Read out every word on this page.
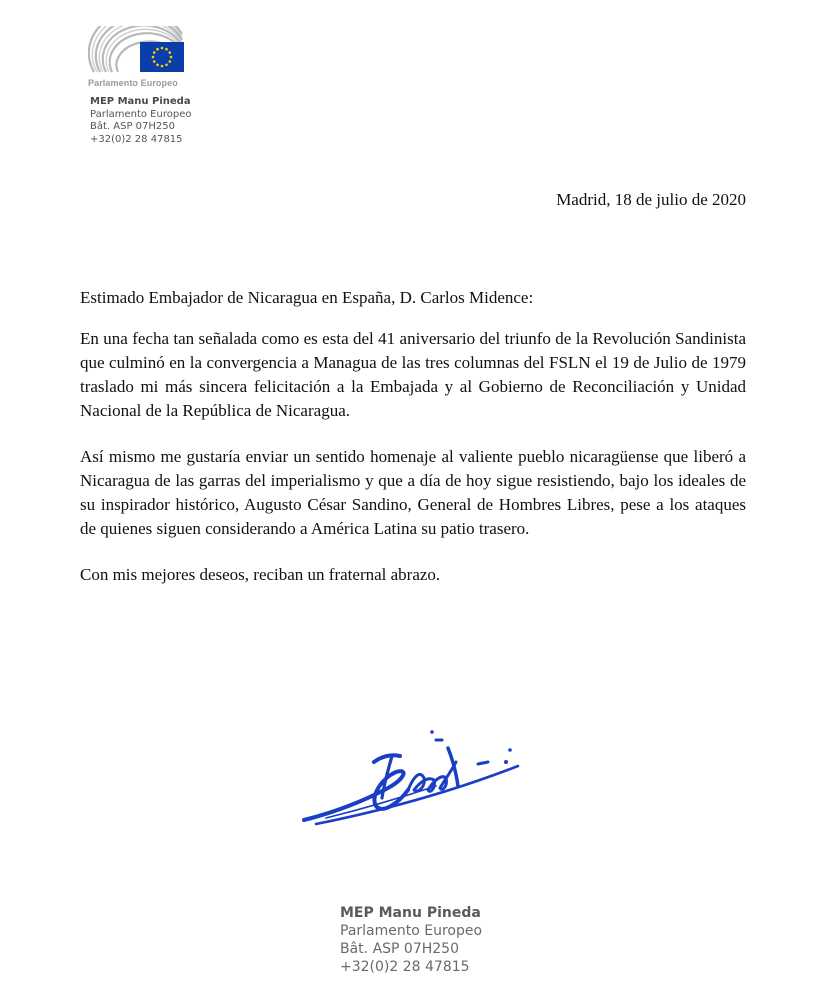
Parlamento Europeo
MEP Manu Pineda
Parlamento Europeo
Bât. ASP 07H250
+32(0)2 28 47815
Madrid, 18 de julio de 2020

Estimado Embajador de Nicaragua en España, D. Carlos Midence:

En una fecha tan señalada como es esta del 41 aniversario del triunfo de la Revolución Sandinista que culminó en la convergencia a Managua de las tres columnas del FSLN el 19 de Julio de 1979 traslado mi más sincera felicitación a la Embajada y al Gobierno de Reconciliación y Unidad Nacional de la República de Nicaragua.

Así mismo me gustaría enviar un sentido homenaje al valiente pueblo nicaragüense que liberó a Nicaragua de las garras del imperialismo y que a día de hoy sigue resistiendo, bajo los ideales de su inspirador histórico, Augusto César Sandino, General de Hombres Libres, pese a los ataques de quienes siguen considerando a América Latina su patio trasero.

Con mis mejores deseos, reciban un fraternal abrazo.

MEP Manu Pineda
Parlamento Europeo
Bât. ASP 07H250
+32(0)2 28 47815
